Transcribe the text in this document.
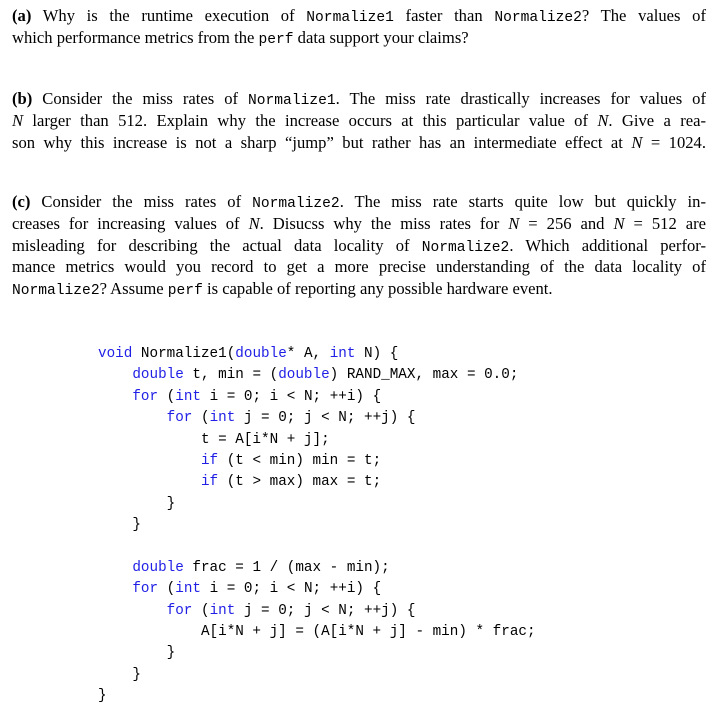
(a) Why is the runtime execution of Normalize1 faster than Normalize2? The values of
which performance metrics from the perf data support your claims?
(b) Consider the miss rates of Normalize1. The miss rate drastically increases for values of
N larger than 512. Explain why the increase occurs at this particular value of N. Give a rea-
son why this increase is not a sharp “jump” but rather has an intermediate effect at N = 1024.
(c) Consider the miss rates of Normalize2. The miss rate starts quite low but quickly in-
creases for increasing values of N. Disucss why the miss rates for N = 256 and N = 512 are
misleading for describing the actual data locality of Normalize2. Which additional perfor-
mance metrics would you record to get a more precise understanding of the data locality of
Normalize2? Assume perf is capable of reporting any possible hardware event.
void Normalize1(double* A, int N) {
double t, min = (double) RAND_MAX, max = 0.0;
for (int i = 0; i < N; ++i) {
for (int j = 0; j < N; ++j) {
t = A[i*N + j];
if (t < min) min = t;
if (t > max) max = t;
}
}
double frac = 1 / (max - min);
for (int i = 0; i < N; ++i) {
for (int j = 0; j < N; ++j) {
A[i*N + j] = (A[i*N + j] - min) * frac;
}
}
}
